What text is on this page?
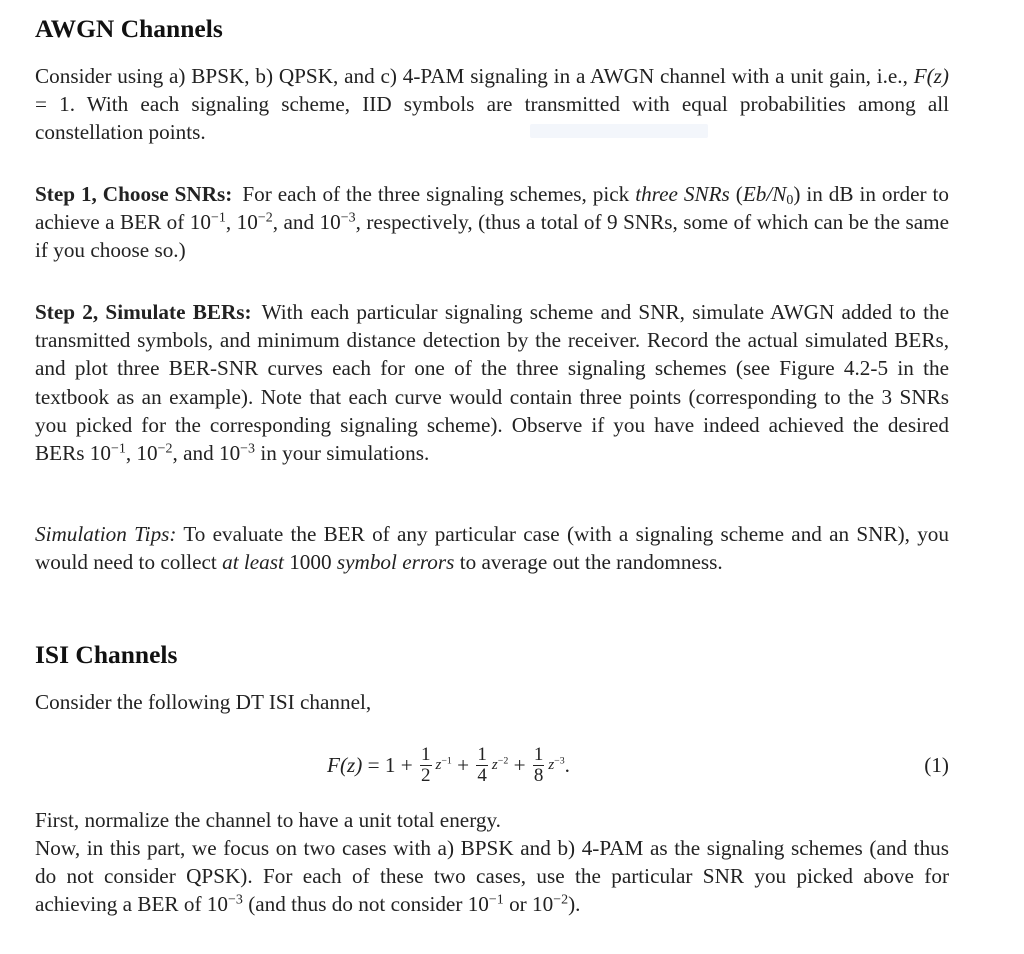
AWGN Channels
Consider using a) BPSK, b) QPSK, and c) 4-PAM signaling in a AWGN channel with a unit gain, i.e., F(z) = 1. With each signaling scheme, IID symbols are transmitted with equal probabilities among all constellation points.
Step 1, Choose SNRs: For each of the three signaling schemes, pick three SNRs $(Eb/N_0)$ in dB in order to achieve a BER of $10^{-1}$, $10^{-2}$, and $10^{-3}$, respectively, (thus a total of 9 SNRs, some of which can be the same if you choose so.)
Step 2, Simulate BERs: With each particular signaling scheme and SNR, simulate AWGN added to the transmitted symbols, and minimum distance detection by the receiver. Record the actual simulated BERs, and plot three BER-SNR curves each for one of the three signaling schemes (see Figure 4.2-5 in the textbook as an example). Note that each curve would contain three points (corresponding to the 3 SNRs you picked for the corresponding signaling scheme). Observe if you have indeed achieved the desired BERs $10^{-1}$, $10^{-2}$, and $10^{-3}$ in your simulations.
Simulation Tips: To evaluate the BER of any particular case (with a signaling scheme and an SNR), you would need to collect at least 1000 symbol errors to average out the randomness.
ISI Channels
Consider the following DT ISI channel,
$F(z) = 1 + \frac{1}{2} z^{-1} + \frac{1}{4} z^{-2} + \frac{1}{8} z^{-3}$ .	(1)
First, normalize the channel to have a unit total energy.
Now, in this part, we focus on two cases with a) BPSK and b) 4-PAM as the signaling schemes (and thus do not consider QPSK). For each of these two cases, use the particular SNR you picked above for achieving a BER of $10^{-3}$ (and thus do not consider $10^{-1}$ or $10^{-2}$).
